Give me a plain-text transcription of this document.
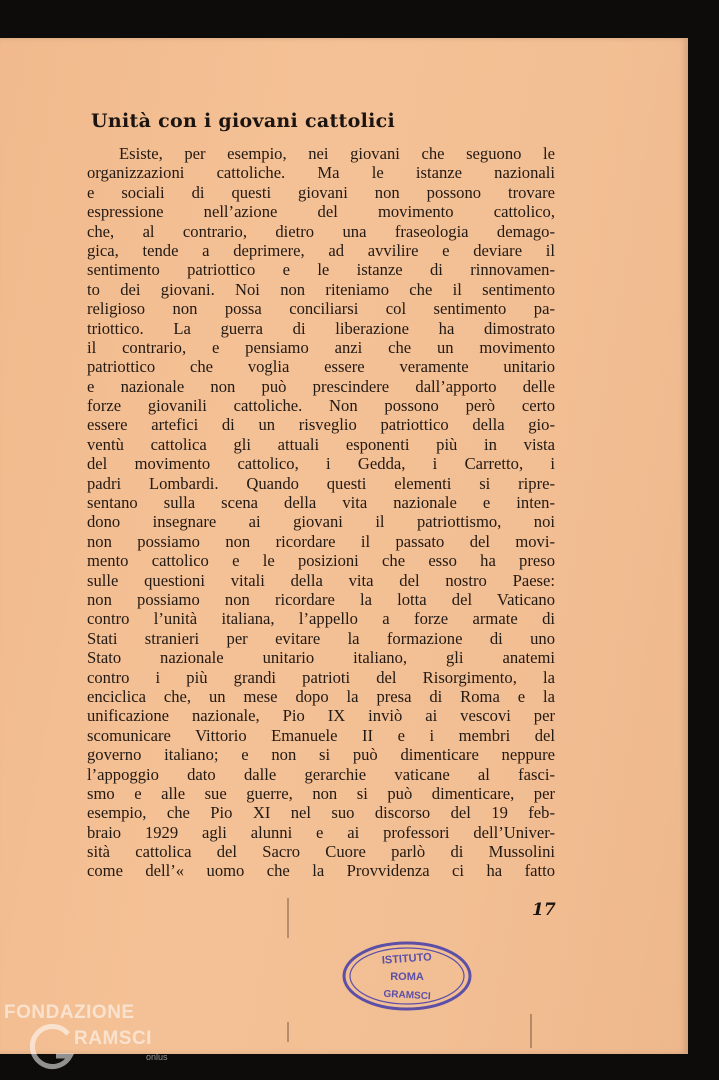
Unità con i giovani cattolici
Esiste, per esempio, nei giovani che seguono le
organizzazioni cattoliche. Ma le istanze nazionali
e sociali di questi giovani non possono trovare
espressione nell’azione del movimento cattolico,
che, al contrario, dietro una fraseologia demago-
gica, tende a deprimere, ad avvilire e deviare il
sentimento patriottico e le istanze di rinnovamen-
to dei giovani. Noi non riteniamo che il sentimento
religioso non possa conciliarsi col sentimento pa-
triottico. La guerra di liberazione ha dimostrato
il contrario, e pensiamo anzi che un movimento
patriottico che voglia essere veramente unitario
e nazionale non può prescindere dall’apporto delle
forze giovanili cattoliche. Non possono però certo
essere artefici di un risveglio patriottico della gio-
ventù cattolica gli attuali esponenti più in vista
del movimento cattolico, i Gedda, i Carretto, i
padri Lombardi. Quando questi elementi si ripre-
sentano sulla scena della vita nazionale e inten-
dono insegnare ai giovani il patriottismo, noi
non possiamo non ricordare il passato del movi-
mento cattolico e le posizioni che esso ha preso
sulle questioni vitali della vita del nostro Paese:
non possiamo non ricordare la lotta del Vaticano
contro l’unità italiana, l’appello a forze armate di
Stati stranieri per evitare la formazione di uno
Stato nazionale unitario italiano, gli anatemi
contro i più grandi patrioti del Risorgimento, la
enciclica che, un mese dopo la presa di Roma e la
unificazione nazionale, Pio IX inviò ai vescovi per
scomunicare Vittorio Emanuele II e i membri del
governo italiano; e non si può dimenticare neppure
l’appoggio dato dalle gerarchie vaticane al fasci-
smo e alle sue guerre, non si può dimenticare, per
esempio, che Pio XI nel suo discorso del 19 feb-
braio 1929 agli alunni e ai professori dell’Univer-
sità cattolica del Sacro Cuore parlò di Mussolini
come dell’« uomo che la Provvidenza ci ha fatto
17
ISTITUTO
ROMA
GRAMSCI
FONDAZIONE
RAMSCI
onlus
